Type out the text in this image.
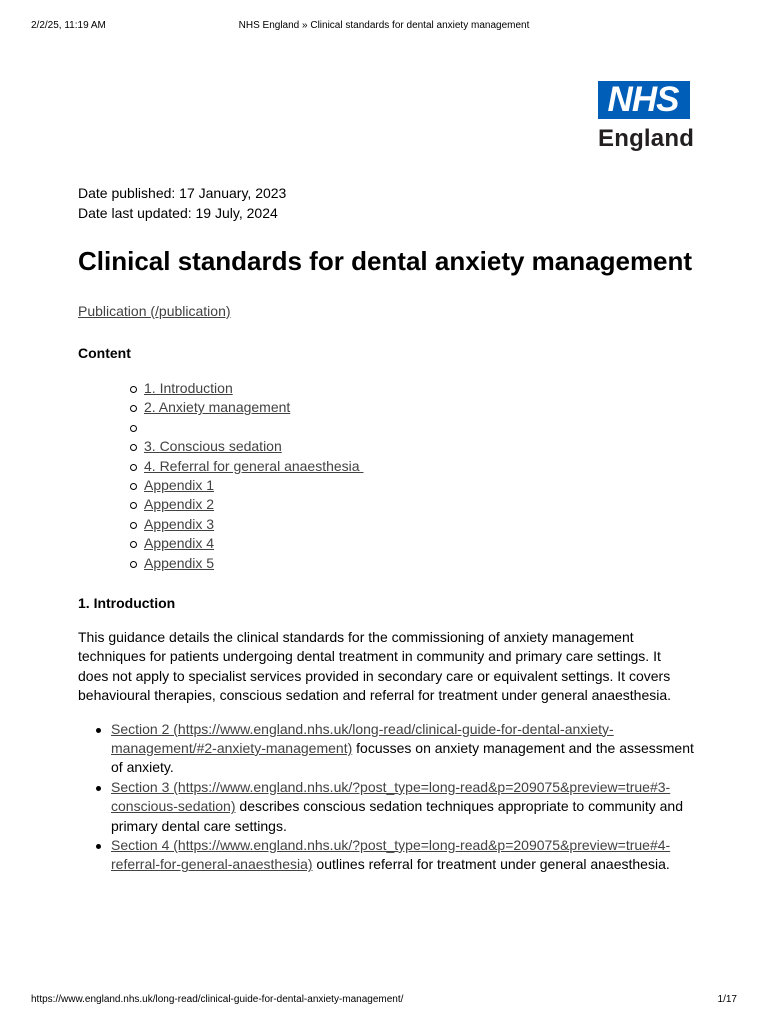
2/2/25, 11:19 AM	NHS England » Clinical standards for dental anxiety management
NHS
England

Date published: 17 January, 2023

Date last updated: 19 July, 2024

Clinical standards for dental anxiety management

Publication (/publication)

Content
1. Introduction
2. Anxiety management
3. Conscious sedation
4. Referral for general anaesthesia
Appendix 1
Appendix 2
Appendix 3
Appendix 4
Appendix 5
1. Introduction

This guidance details the clinical standards for the commissioning of anxiety management techniques for patients undergoing dental treatment in community and primary care settings. It does not apply to specialist services provided in secondary care or equivalent settings. It covers behavioural therapies, conscious sedation and referral for treatment under general anaesthesia.

Section 2 (https://www.england.nhs.uk/long-read/clinical-guide-for-dental-anxiety-management/#2-anxiety-management) focusses on anxiety management and the assessment of anxiety.
Section 3 (https://www.england.nhs.uk/?post_type=long-read&p=209075&preview=true#3-conscious-sedation) describes conscious sedation techniques appropriate to community and primary dental care settings.
Section 4 (https://www.england.nhs.uk/?post_type=long-read&p=209075&preview=true#4-referral-for-general-anaesthesia) outlines referral for treatment under general anaesthesia.
https://www.england.nhs.uk/long-read/clinical-guide-for-dental-anxiety-management/	1/17
